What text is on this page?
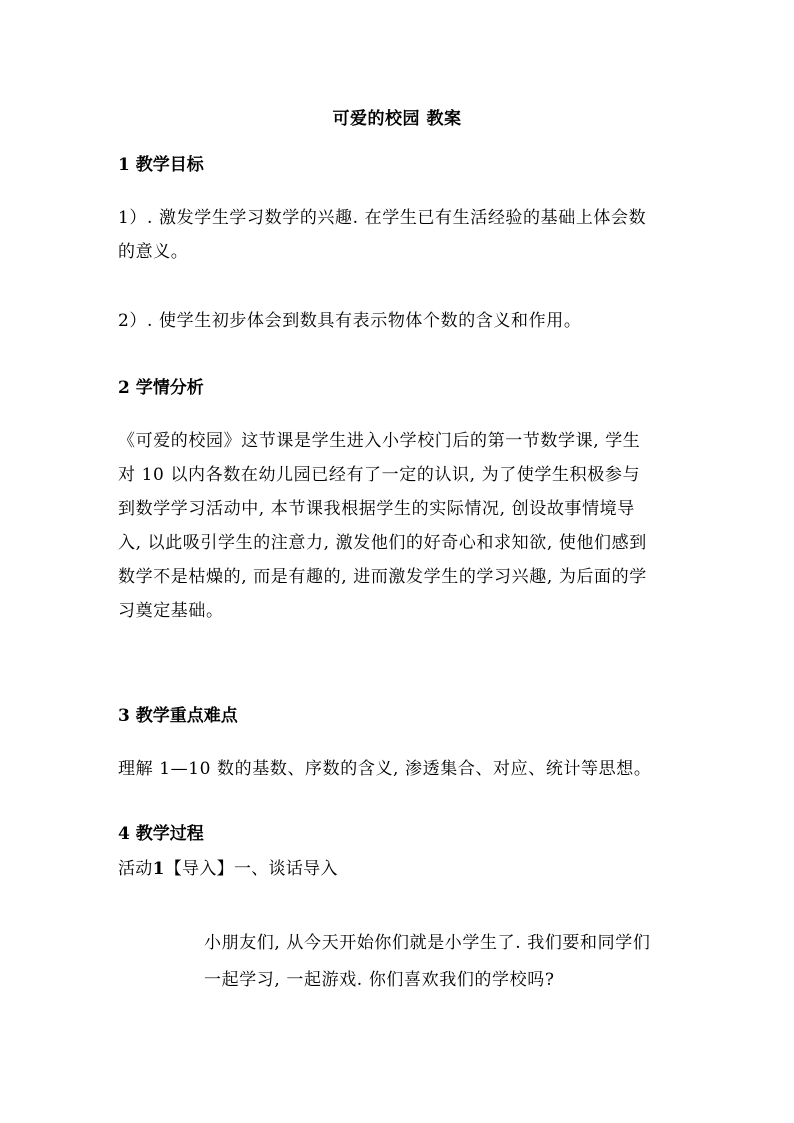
可爱的校园 教案
1 教学目标
1）. 激发学生学习数学的兴趣. 在学生已有生活经验的基础上体会数
的意义。
2）. 使学生初步体会到数具有表示物体个数的含义和作用。
2 学情分析
《可爱的校园》这节课是学生进入小学校门后的第一节数学课, 学生
对 10 以内各数在幼儿园已经有了一定的认识, 为了使学生积极参与
到数学学习活动中, 本节课我根据学生的实际情况, 创设故事情境导
入, 以此吸引学生的注意力, 激发他们的好奇心和求知欲, 使他们感到
数学不是枯燥的, 而是有趣的, 进而激发学生的学习兴趣, 为后面的学
习奠定基础。
3 教学重点难点
理解 1—10 数的基数、序数的含义, 渗透集合、对应、统计等思想。
4 教学过程
活动1【导入】一、谈话导入
小朋友们, 从今天开始你们就是小学生了. 我们要和同学们
一起学习, 一起游戏. 你们喜欢我们的学校吗?
